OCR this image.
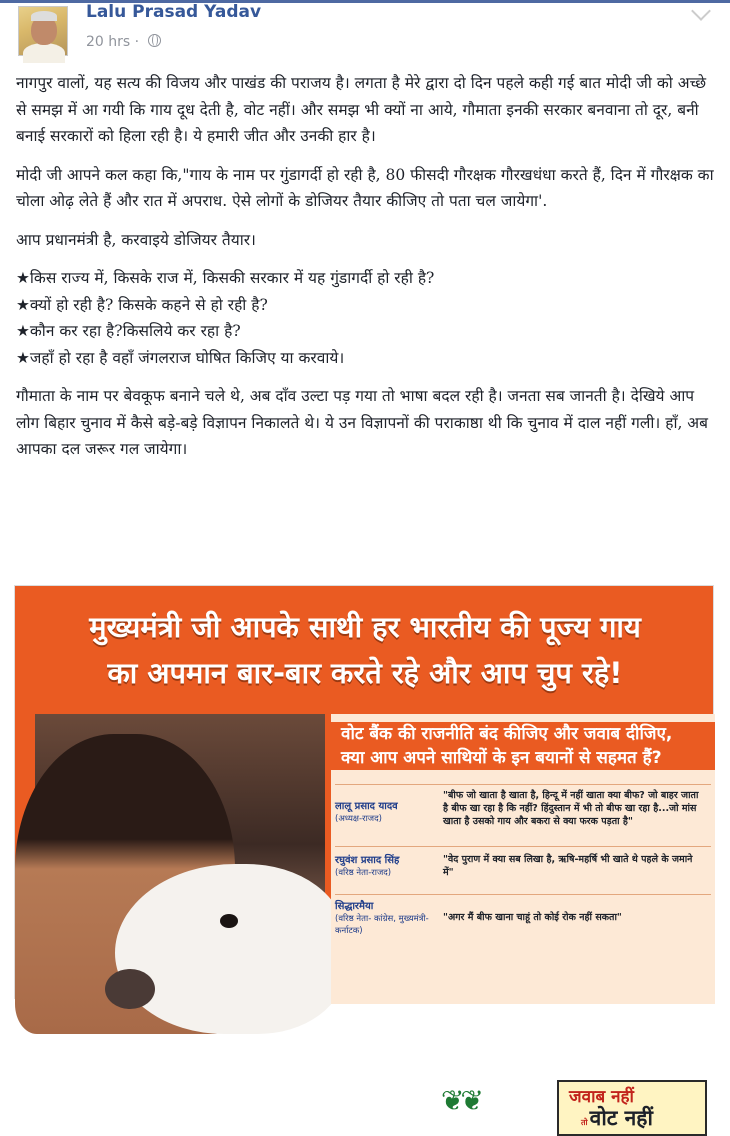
Lalu Prasad Yadav
20 hrs ·

नागपुर वालों, यह सत्य की विजय और पाखंड की पराजय है। लगता है मेरे द्वारा दो दिन पहले कही गई बात मोदी जी को अच्छे से समझ में आ गयी कि गाय दूध देती है, वोट नहीं। और समझ भी क्यों ना आये, गौमाता इनकी सरकार बनवाना तो दूर, बनी बनाई सरकारों को हिला रही है। ये हमारी जीत और उनकी हार है।

मोदी जी आपने कल कहा कि,"गाय के नाम पर गुंडागर्दी हो रही है, 80 फीसदी गौरक्षक गौरखधंधा करते हैं, दिन में गौरक्षक का चोला ओढ़ लेते हैं और रात में अपराध. ऐसे लोगों के डोजियर तैयार कीजिए तो पता चल जायेगा'.

आप प्रधानमंत्री है, करवाइये डोजियर तैयार।

★किस राज्य में, किसके राज में, किसकी सरकार में यह गुंडागर्दी हो रही है?

★क्यों हो रही है? किसके कहने से हो रही है?

★कौन कर रहा है?किसलिये कर रहा है?

★जहाँ हो रहा है वहाँ जंगलराज घोषित किजिए या करवाये।

गौमाता के नाम पर बेवकूफ बनाने चले थे, अब दाँव उल्टा पड़ गया तो भाषा बदल रही है। जनता सब जानती है। देखिये आप लोग बिहार चुनाव में कैसे बड़े-बड़े विज्ञापन निकालते थे। ये उन विज्ञापनों की पराकाष्ठा थी कि चुनाव में दाल नहीं गली। हाँ, अब आपका दल जरूर गल जायेगा।

मुख्यमंत्री जी आपके साथी हर भारतीय की पूज्य गाय
का अपमान बार-बार करते रहे और आप चुप रहे!
वोट बैंक की राजनीति बंद कीजिए और जवाब दीजिए,
क्या आप अपने साथियों के इन बयानों से सहमत हैं?
लालू प्रसाद यादव
(अध्यक्ष-राजद)
"बीफ जो खाता है खाता है, हिन्दू में नहीं खाता क्या बीफ? जो बाहर जाता है बीफ खा रहा है कि नहीं? हिंदुस्तान में भी तो बीफ खा रहा है...जो मांस खाता है उसको गाय और बकरा से क्या फरक पड़ता है"
रघुवंश प्रसाद सिंह
(वरिष्ठ नेता-राजद)
"वेद पुराण में क्या सब लिखा है, ऋषि-महर्षि भी खाते थे पहले के जमाने में"
सिद्धारमैया
(वरिष्ठ नेता- कांग्रेस, मुख्यमंत्री-कर्नाटक)
"अगर मैं बीफ खाना चाहूं तो कोई रोक नहीं सकता"
❦❦	जवाब नहीं
तोवोट नहीं
